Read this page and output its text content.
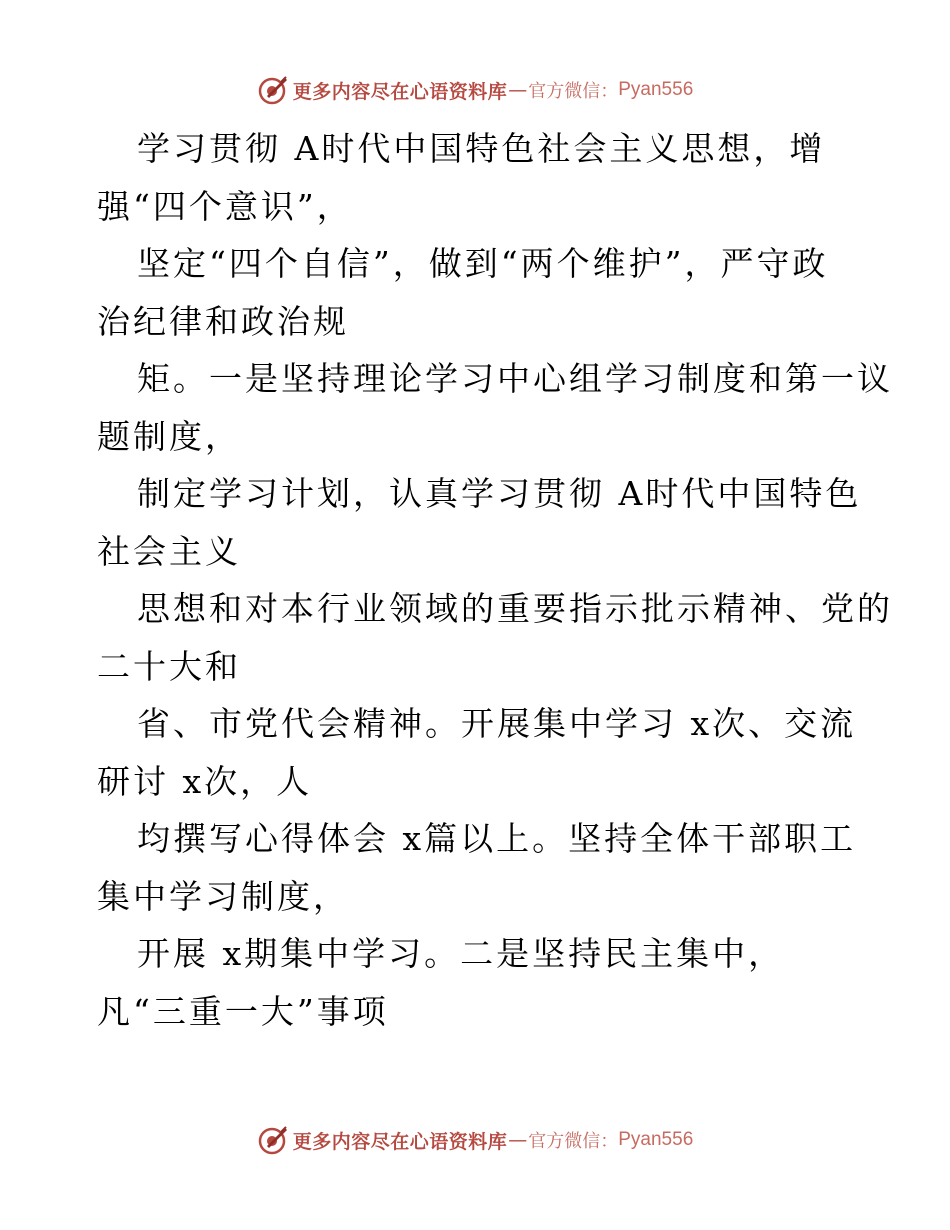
更多内容尽在心语资料库 — 官方微信： Pyan556
学习贯彻 A时代中国特色社会主义思想，增
强“四个意识”，
坚定“四个自信”，做到“两个维护”，严守政
治纪律和政治规
矩。一是坚持理论学习中心组学习制度和第一议
题制度，
制定学习计划，认真学习贯彻 A时代中国特色
社会主义
思想和对本行业领域的重要指示批示精神、党的
二十大和
省、市党代会精神。开展集中学习 x次、交流
研讨 x次，人
均撰写心得体会 x篇以上。坚持全体干部职工
集中学习制度，
开展 x期集中学习。二是坚持民主集中，
凡“三重一大”事项
更多内容尽在心语资料库 — 官方微信： Pyan556
